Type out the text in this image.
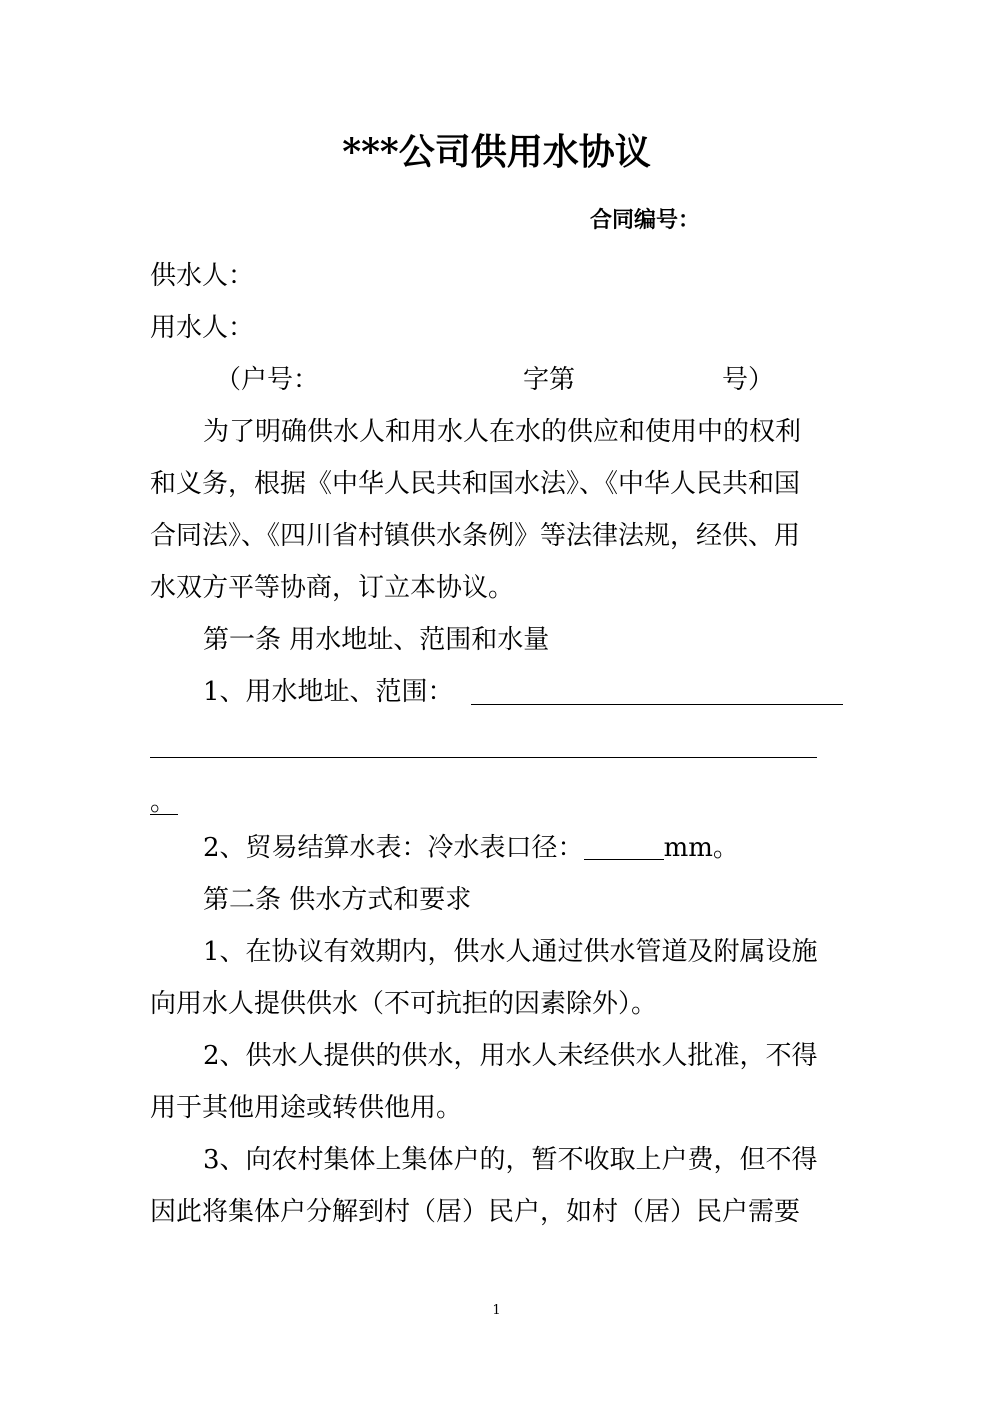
***公司供用水协议
合同编号：
供水人：
用水人：
（户号：	字第	号）
为了明确供水人和用水人在水的供应和使用中的权利
和义务，根据《中华人民共和国水法》、《中华人民共和国
合同法》、《四川省村镇供水条例》等法律法规，经供、用
水双方平等协商，订立本协议。
第一条 用水地址、范围和水量
1、用水地址、范围：
。
2、贸易结算水表：冷水表口径：	mm。
第二条 供水方式和要求
1、在协议有效期内，供水人通过供水管道及附属设施
向用水人提供供水（不可抗拒的因素除外）。
2、供水人提供的供水，用水人未经供水人批准，不得
用于其他用途或转供他用。
3、向农村集体上集体户的，暂不收取上户费，但不得
因此将集体户分解到村（居）民户，如村（居）民户需要
1
